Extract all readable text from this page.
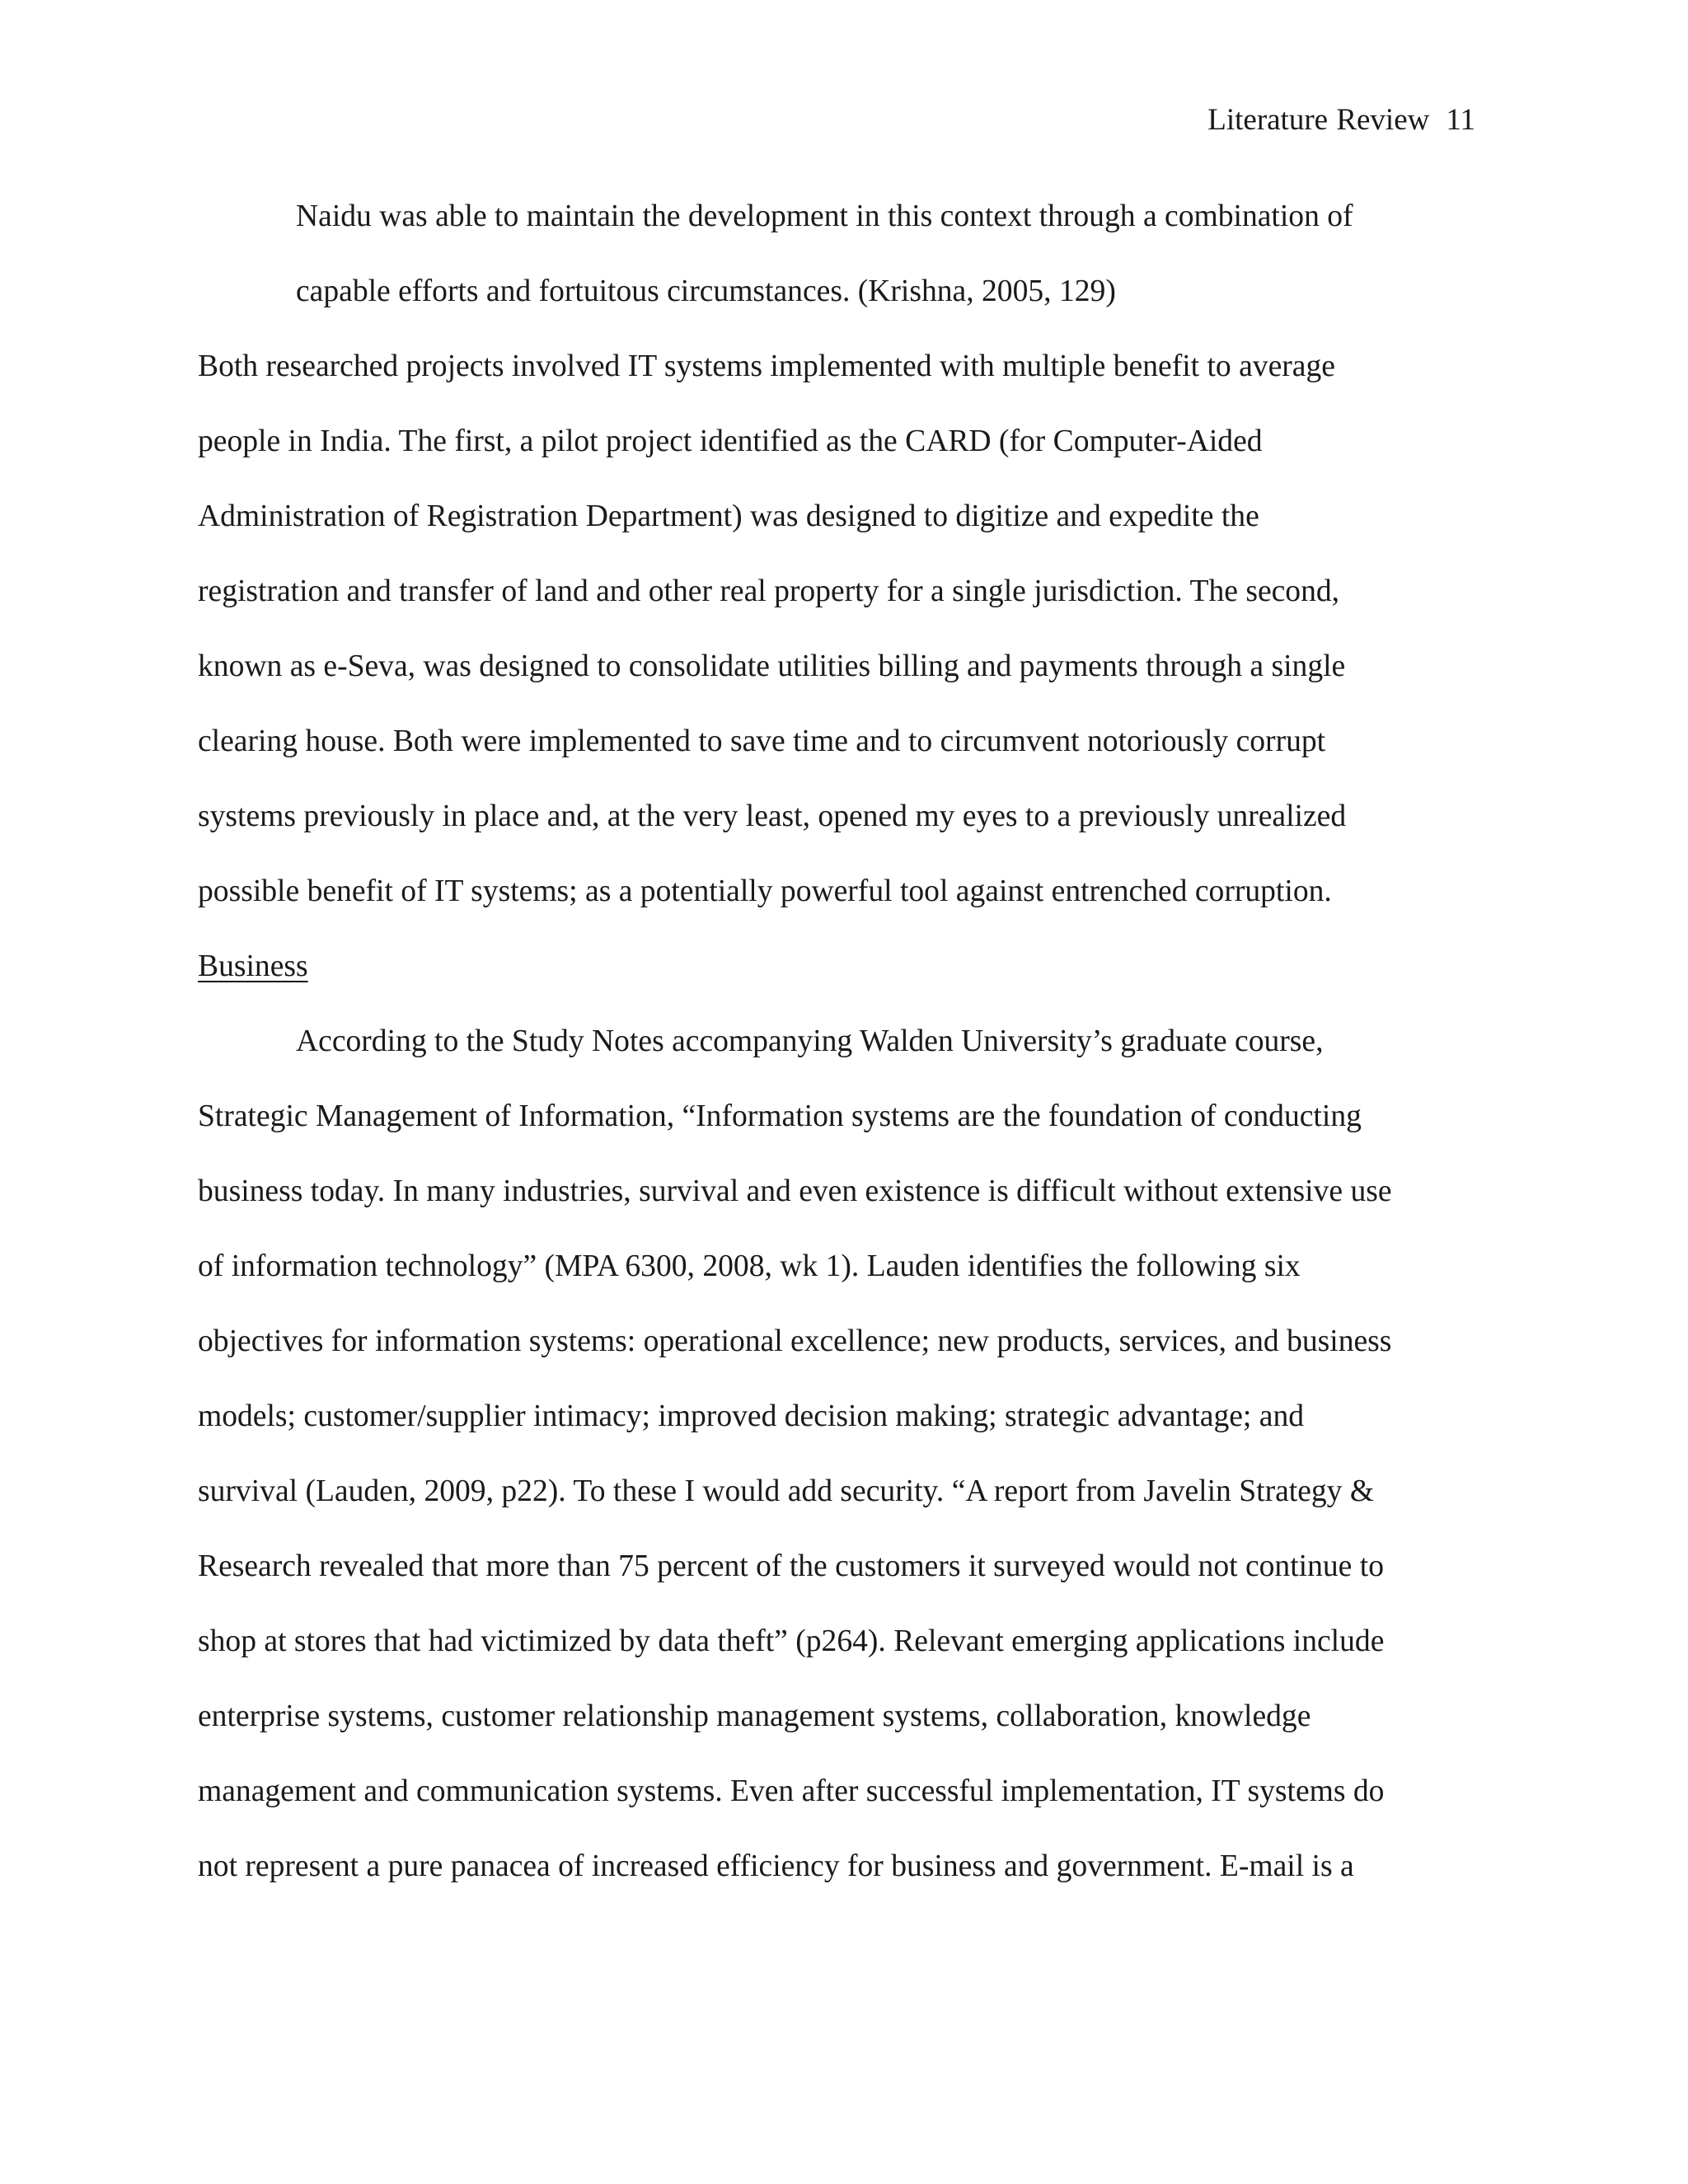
Literature Review 11
Naidu was able to maintain the development in this context through a combination of
capable efforts and fortuitous circumstances. (Krishna, 2005, 129)
Both researched projects involved IT systems implemented with multiple benefit to average
people in India. The first, a pilot project identified as the CARD (for Computer-Aided
Administration of Registration Department) was designed to digitize and expedite the
registration and transfer of land and other real property for a single jurisdiction. The second,
known as e-Seva, was designed to consolidate utilities billing and payments through a single
clearing house. Both were implemented to save time and to circumvent notoriously corrupt
systems previously in place and, at the very least, opened my eyes to a previously unrealized
possible benefit of IT systems; as a potentially powerful tool against entrenched corruption.
Business
According to the Study Notes accompanying Walden University’s graduate course,
Strategic Management of Information, “Information systems are the foundation of conducting
business today. In many industries, survival and even existence is difficult without extensive use
of information technology” (MPA 6300, 2008, wk 1). Lauden identifies the following six
objectives for information systems: operational excellence; new products, services, and business
models; customer/supplier intimacy; improved decision making; strategic advantage; and
survival (Lauden, 2009, p22). To these I would add security. “A report from Javelin Strategy &
Research revealed that more than 75 percent of the customers it surveyed would not continue to
shop at stores that had victimized by data theft” (p264). Relevant emerging applications include
enterprise systems, customer relationship management systems, collaboration, knowledge
management and communication systems. Even after successful implementation, IT systems do
not represent a pure panacea of increased efficiency for business and government. E-mail is a
